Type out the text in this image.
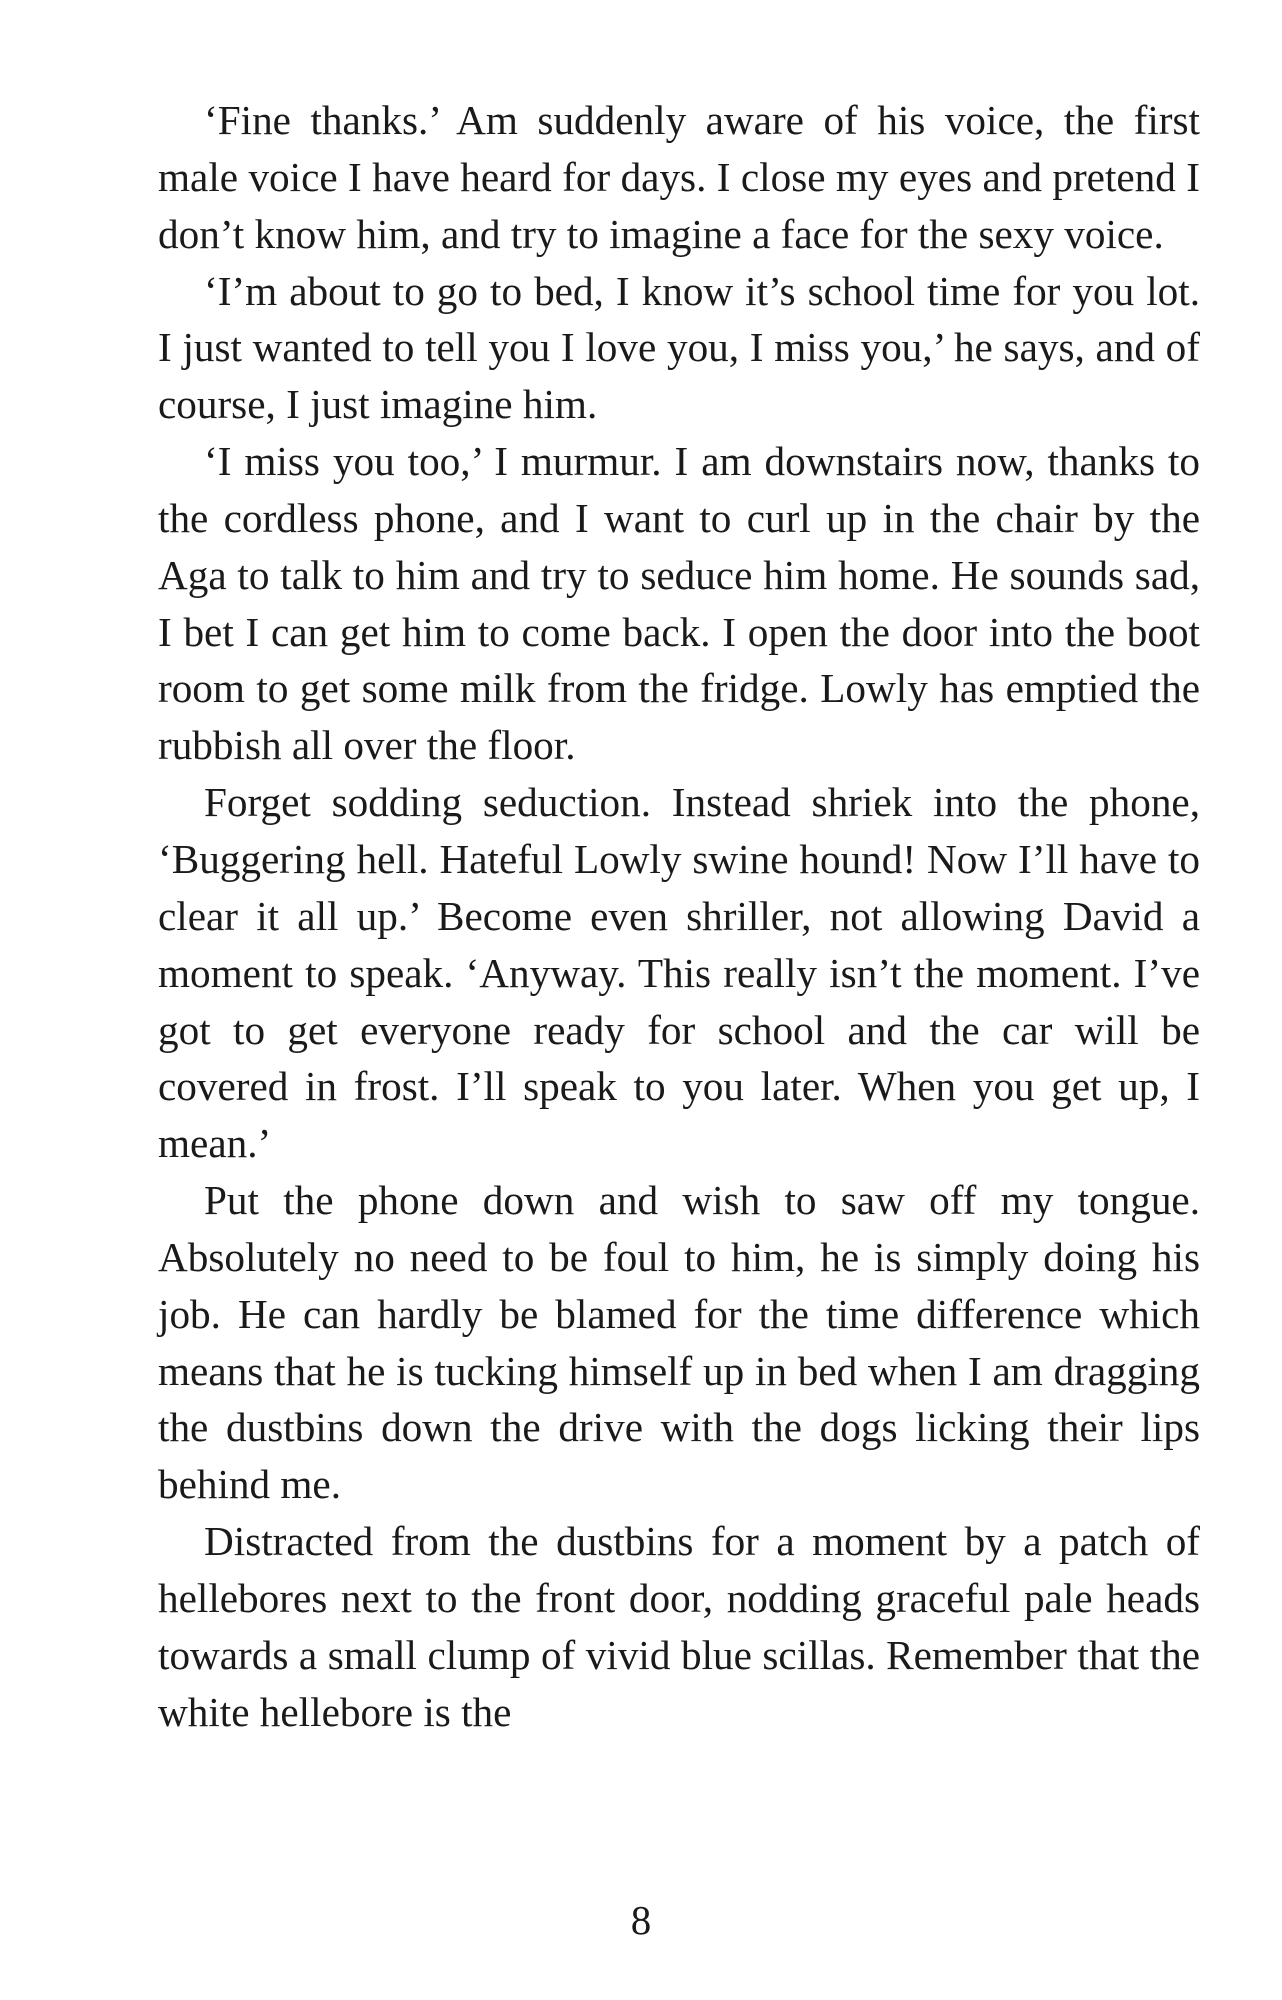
‘Fine thanks.’ Am suddenly aware of his voice, the first male voice I have heard for days. I close my eyes and pretend I don’t know him, and try to imagine a face for the sexy voice.

‘I’m about to go to bed, I know it’s school time for you lot. I just wanted to tell you I love you, I miss you,’ he says, and of course, I just imagine him.

‘I miss you too,’ I murmur. I am downstairs now, thanks to the cordless phone, and I want to curl up in the chair by the Aga to talk to him and try to seduce him home. He sounds sad, I bet I can get him to come back. I open the door into the boot room to get some milk from the fridge. Lowly has emptied the rubbish all over the floor.

Forget sodding seduction. Instead shriek into the phone, ‘Buggering hell. Hateful Lowly swine hound! Now I’ll have to clear it all up.’ Become even shriller, not allowing David a moment to speak. ‘Anyway. This really isn’t the moment. I’ve got to get everyone ready for school and the car will be covered in frost. I’ll speak to you later. When you get up, I mean.’

Put the phone down and wish to saw off my tongue. Absolutely no need to be foul to him, he is simply doing his job. He can hardly be blamed for the time difference which means that he is tucking himself up in bed when I am dragging the dustbins down the drive with the dogs licking their lips behind me.

Distracted from the dustbins for a moment by a patch of hellebores next to the front door, nodding graceful pale heads towards a small clump of vivid blue scillas. Remember that the white hellebore is the

8
